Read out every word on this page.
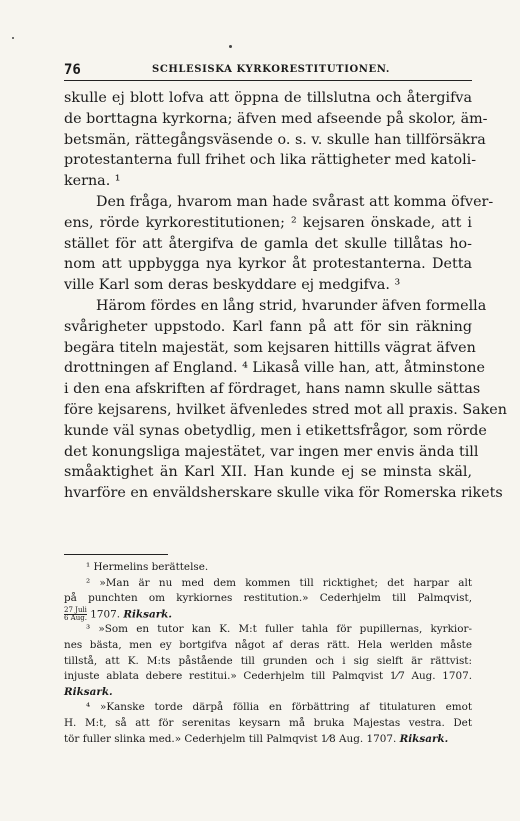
76	SCHLESISKA KYRKORESTITUTIONEN.
skulle ej blott lofva att öppna de tillslutna och återgifva
de borttagna kyrkorna; äfven med afseende på skolor, äm-
betsmän, rättegångsväsende o. s. v. skulle han tillförsäkra
protestanterna full frihet och lika rättigheter med katoli-
kerna. ¹
Den fråga, hvarom man hade svårast att komma öfver-
ens, rörde kyrkorestitutionen; ² kejsaren önskade, att i
stället för att återgifva de gamla det skulle tillåtas ho-
nom att uppbygga nya kyrkor åt protestanterna. Detta
ville Karl som deras beskyddare ej medgifva. ³
Härom fördes en lång strid, hvarunder äfven formella
svårigheter uppstodo. Karl fann på att för sin räkning
begära titeln majestät, som kejsaren hittills vägrat äfven
drottningen af England. ⁴ Likaså ville han, att, åtminstone
i den ena afskriften af fördraget, hans namn skulle sättas
före kejsarens, hvilket äfvenledes stred mot all praxis. Saken
kunde väl synas obetydlig, men i etikettsfrågor, som rörde
det konungsliga majestätet, var ingen mer envis ända till
småaktighet än Karl XII. Han kunde ej se minsta skäl,
hvarföre en enväldsherskare skulle vika för Romerska rikets
¹ Hermelins berättelse.
² »Man är nu med dem kommen till ricktighet; det harpar alt
på punchten om kyrkiornes restitution.» Cederhjelm till Palmqvist,
27 Juli
6 Aug. 1707. Riksark.
³ »Som en tutor kan K. M:t fuller tahla för pupillernas, kyrkior-
nes bästa, men ey bortgifva något af deras rätt. Hela werlden måste
tillstå, att K. M:ts påstående till grunden och i sig sielft är rättvist:
injuste ablata debere restitui.» Cederhjelm till Palmqvist 1⁄7 Aug. 1707.
Riksark.
⁴ »Kanske torde därpå föllia en förbättring af titulaturen emot
H. M:t, så att för serenitas keysarn må bruka Majestas vestra. Det
tör fuller slinka med.» Cederhjelm till Palmqvist 1⁄8 Aug. 1707. Riksark.
